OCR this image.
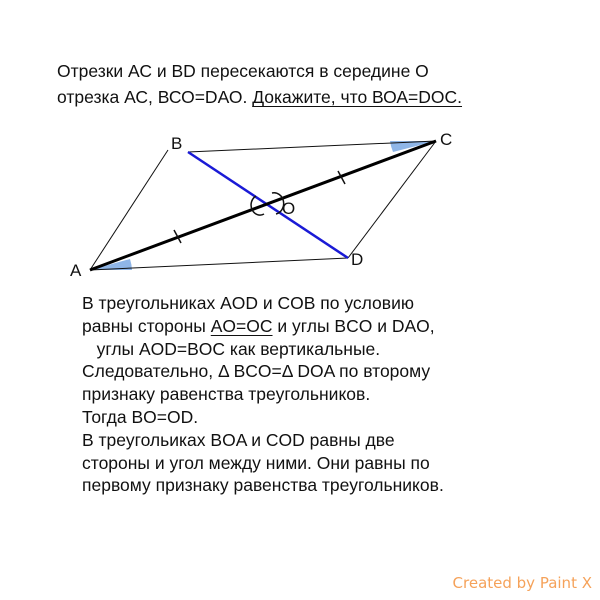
Отрезки АС и BD пересекаются в середине О
отрезка АС, ВСО=DАО. Докажите, что ВОА=DОС.
A
B	C
D
O
В треугольниках AOD и COB по условию
равны стороны AO=OC и углы BCO и DAO,
углы AOD=BOC как вертикальные.
Следовательно, Δ BCO=Δ DOA по второму
признаку равенства треугольников.
Тогда BO=OD.
В треугольиках BOA и COD равны две
стороны и угол между ними. Они равны по
первому признаку равенства треугольников.
Created by Paint X
